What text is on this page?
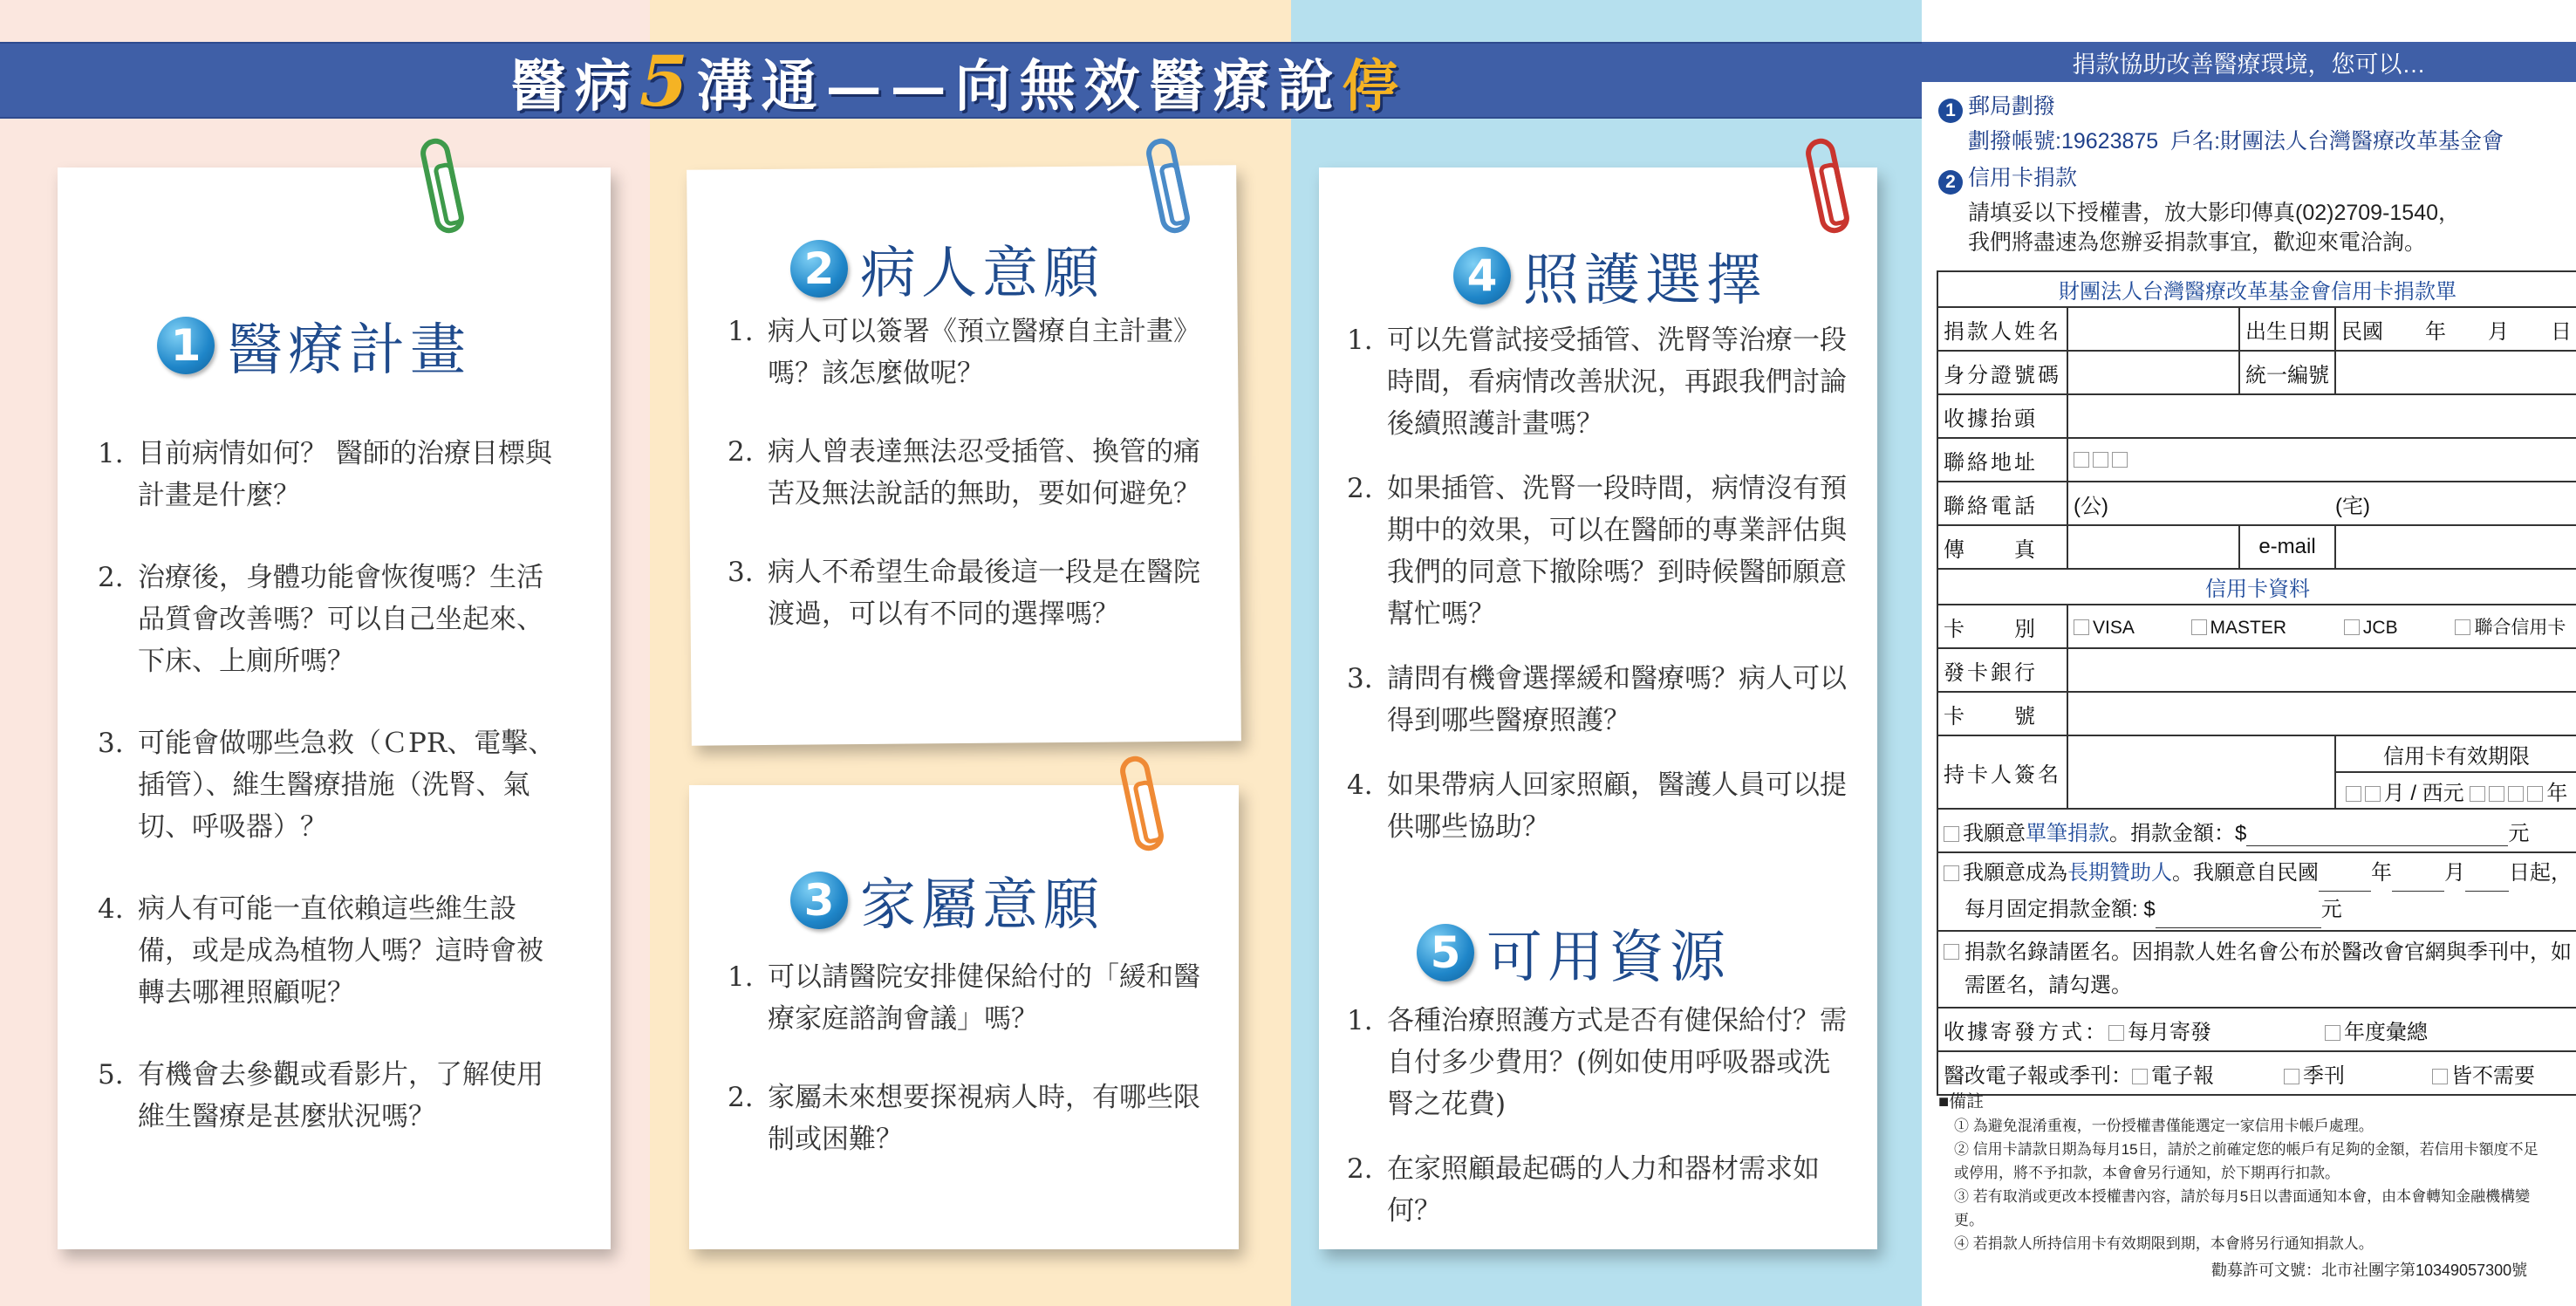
醫病5溝通——向無效醫療說停
1 醫療計畫
1. 目前病情如何？ 醫師的治療目標與計畫是什麼？
2. 治療後，身體功能會恢復嗎？生活品質會改善嗎？可以自己坐起來、下床、上廁所嗎？
3. 可能會做哪些急救（ＣPR、電擊、插管）、維生醫療措施（洗腎、氣切、呼吸器）？
4. 病人有可能一直依賴這些維生設備，或是成為植物人嗎？這時會被轉去哪裡照顧呢？
5. 有機會去參觀或看影片，了解使用維生醫療是甚麼狀況嗎？
2 病人意願
1. 病人可以簽署《預立醫療自主計畫》嗎？該怎麼做呢？
2. 病人曾表達無法忍受插管、換管的痛苦及無法說話的無助，要如何避免？
3. 病人不希望生命最後這一段是在醫院渡過，可以有不同的選擇嗎？
3 家屬意願
1. 可以請醫院安排健保給付的「緩和醫療家庭諮詢會議」嗎？
2. 家屬未來想要探視病人時，有哪些限制或困難？
4 照護選擇
1. 可以先嘗試接受插管、洗腎等治療一段時間，看病情改善狀況，再跟我們討論後續照護計畫嗎？
2. 如果插管、洗腎一段時間，病情沒有預期中的效果，可以在醫師的專業評估與我們的同意下撤除嗎？到時候醫師願意幫忙嗎？
3. 請問有機會選擇緩和醫療嗎？病人可以得到哪些醫療照護？
4. 如果帶病人回家照顧，醫護人員可以提供哪些協助？
5 可用資源
1. 各種治療照護方式是否有健保給付？需自付多少費用？(例如使用呼吸器或洗腎之花費)
2. 在家照顧最起碼的人力和器材需求如何？
捐款協助改善醫療環境，您可以…
1 郵局劃撥
劃撥帳號:19623875 戶名:財團法人台灣醫療改革基金會
2 信用卡捐款
請填妥以下授權書，放大影印傳真(02)2709-1540，
我們將盡速為您辦妥捐款事宜，歡迎來電洽詢。
財團法人台灣醫療改革基金會信用卡捐款單			
捐款人姓名		出生日期	民國　　年　　月　　日
身分證號碼		統一編號	
收據抬頭			
聯絡地址			
聯絡電話	(公) (宅)		
傳　　真		e-mail	
信用卡資料			
卡　　別	VISA MASTER JCB 聯合信用卡		
發卡銀行			
卡　　號			
持卡人簽名			信用卡有效期限
			月 / 西元 年
我願意單筆捐款。捐款金額：$ 元			
我願意成為長期贊助人。我願意自民國 年 月 日起，
每月固定捐款金額: $ 元			

捐款名錄請匿名。因捐款人姓名會公布於醫改會官網與季刊中，如需匿名，請勾選。			
收據寄發方式： 每月寄發 年度彙總			
醫改電子報或季刊： 電子報 季刊 皆不需要			
■備註
① 為避免混淆重複，一份授權書僅能選定一家信用卡帳戶處理。
② 信用卡請款日期為每月15日，請於之前確定您的帳戶有足夠的金額，若信用卡額度不足或停用，將不予扣款，本會會另行通知，於下期再行扣款。
③ 若有取消或更改本授權書內容，請於每月5日以書面通知本會，由本會轉知金融機構變更。
④ 若捐款人所持信用卡有效期限到期，本會將另行通知捐款人。
勸募許可文號：北市社團字第10349057300號
